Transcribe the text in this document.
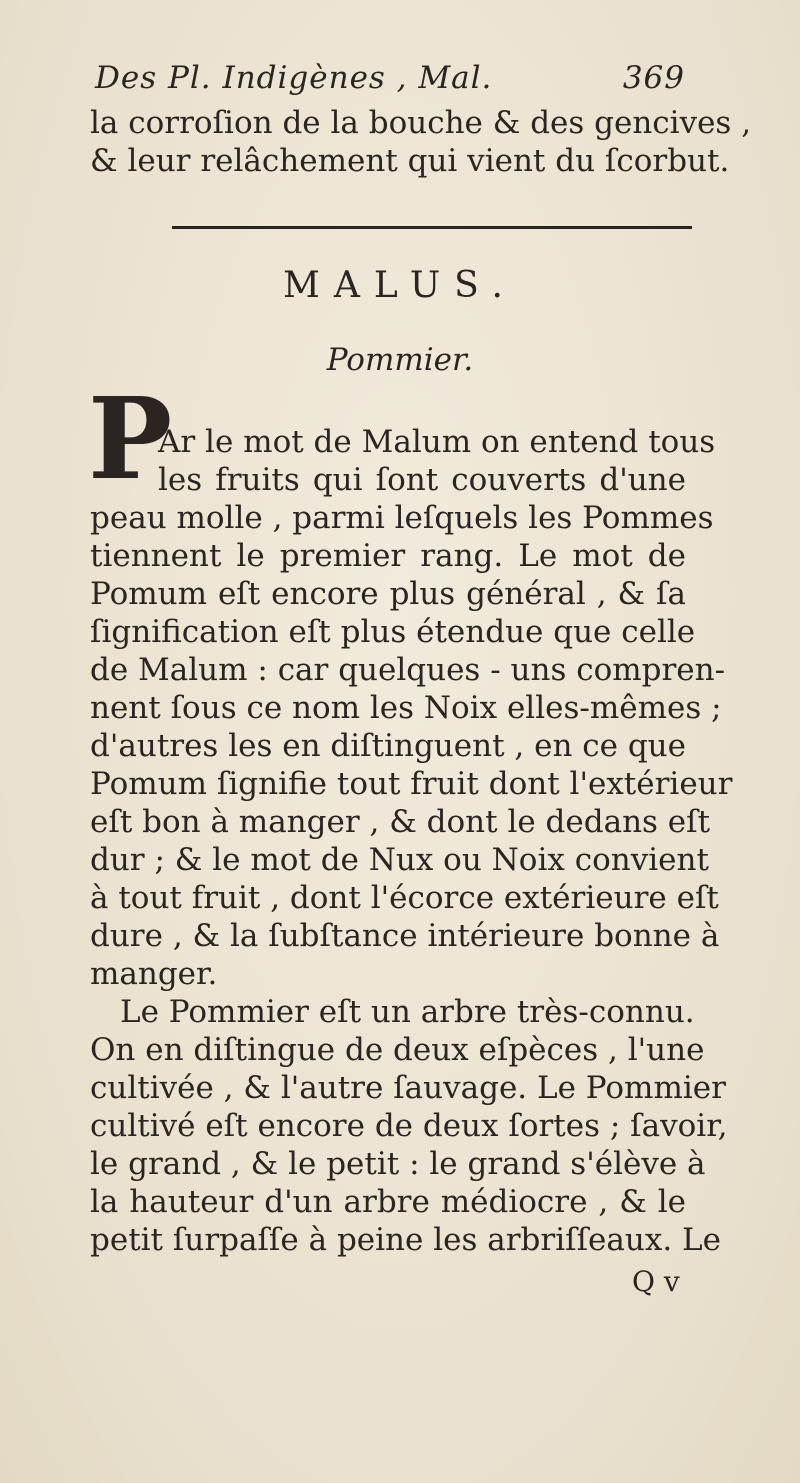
Des Pl. Indigènes , Mal.	369
la corroſion de la bouche & des gencives ,
& leur relâchement qui vient du ſcorbut.
MALUS.
Pommier.
P
Ar le mot de Malum on entend tous
les fruits qui ſont couverts d'une
peau molle , parmi leſquels les Pommes
tiennent le premier rang. Le mot de
Pomum eſt encore plus général , & ſa
ſignification eſt plus étendue que celle
de Malum : car quelques - uns compren-
nent ſous ce nom les Noix elles-mêmes ;
d'autres les en diſtinguent , en ce que
Pomum ſignifie tout fruit dont l'extérieur
eſt bon à manger , & dont le dedans eſt
dur ; & le mot de Nux ou Noix convient
à tout fruit , dont l'écorce extérieure eſt
dure , & la ſubſtance intérieure bonne à
manger.
Le Pommier eſt un arbre très-connu.
On en diſtingue de deux eſpèces , l'une
cultivée , & l'autre ſauvage. Le Pommier
cultivé eſt encore de deux ſortes ; ſavoir,
le grand , & le petit : le grand s'élève à
la hauteur d'un arbre médiocre , & le
petit ſurpaſſe à peine les arbriſſeaux. Le
Q v
